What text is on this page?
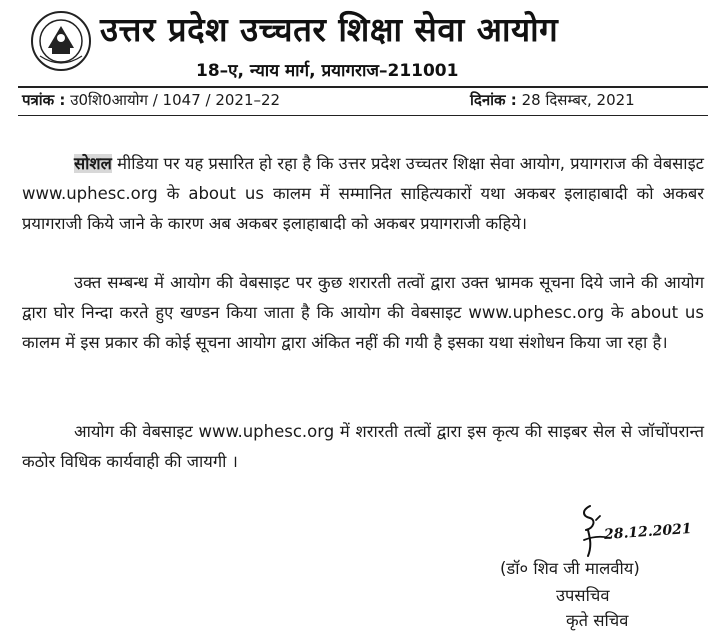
उत्तर प्रदेश उच्चतर शिक्षा सेवा आयोग
18–ए, न्याय मार्ग, प्रयागराज–211001
पत्रांक : उ0शि0आयोग / 1047 / 2021–22	दिनांक : 28 दिसम्बर, 2021
सोशल मीडिया पर यह प्रसारित हो रहा है कि उत्तर प्रदेश उच्चतर शिक्षा सेवा आयोग, प्रयागराज की वेबसाइट www.uphesc.org के about us कालम में सम्मानित साहित्यकारों यथा अकबर इलाहाबादी को अकबर प्रयागराजी किये जाने के कारण अब अकबर इलाहाबादी को अकबर प्रयागराजी कहिये।
उक्त सम्बन्ध में आयोग की वेबसाइट पर कुछ शरारती तत्वों द्वारा उक्त भ्रामक सूचना दिये जाने की आयोग द्वारा घोर निन्दा करते हुए खण्डन किया जाता है कि आयोग की वेबसाइट www.uphesc.org के about us कालम में इस प्रकार की कोई सूचना आयोग द्वारा अंकित नहीं की गयी है इसका यथा संशोधन किया जा रहा है।
आयोग की वेबसाइट www.uphesc.org में शरारती तत्वों द्वारा इस कृत्य की साइबर सेल से जॉचोंपरान्त कठोर विधिक कार्यवाही की जायगी ।
28.12.2021
(डॉ० शिव जी मालवीय)
उपसचिव
कृते सचिव
